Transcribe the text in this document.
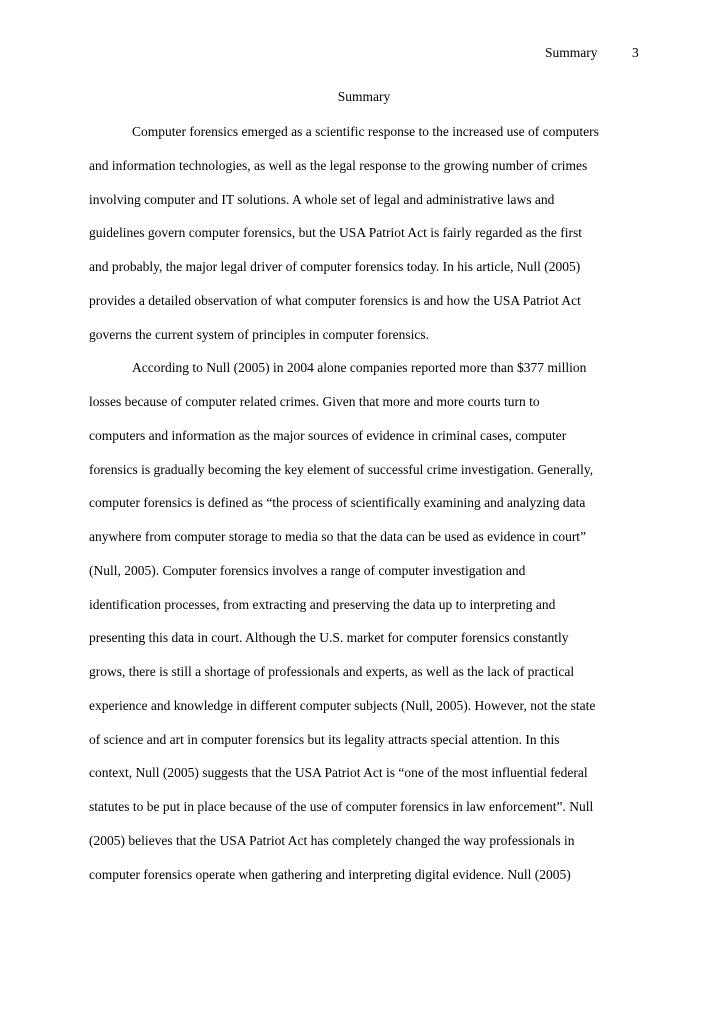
Summary	3
Summary
Computer forensics emerged as a scientific response to the increased use of computers
and information technologies, as well as the legal response to the growing number of crimes
involving computer and IT solutions. A whole set of legal and administrative laws and
guidelines govern computer forensics, but the USA Patriot Act is fairly regarded as the first
and probably, the major legal driver of computer forensics today. In his article, Null (2005)
provides a detailed observation of what computer forensics is and how the USA Patriot Act
governs the current system of principles in computer forensics.
According to Null (2005) in 2004 alone companies reported more than $377 million
losses because of computer related crimes. Given that more and more courts turn to
computers and information as the major sources of evidence in criminal cases, computer
forensics is gradually becoming the key element of successful crime investigation. Generally,
computer forensics is defined as “the process of scientifically examining and analyzing data
anywhere from computer storage to media so that the data can be used as evidence in court”
(Null, 2005). Computer forensics involves a range of computer investigation and
identification processes, from extracting and preserving the data up to interpreting and
presenting this data in court. Although the U.S. market for computer forensics constantly
grows, there is still a shortage of professionals and experts, as well as the lack of practical
experience and knowledge in different computer subjects (Null, 2005). However, not the state
of science and art in computer forensics but its legality attracts special attention. In this
context, Null (2005) suggests that the USA Patriot Act is “one of the most influential federal
statutes to be put in place because of the use of computer forensics in law enforcement”. Null
(2005) believes that the USA Patriot Act has completely changed the way professionals in
computer forensics operate when gathering and interpreting digital evidence. Null (2005)
